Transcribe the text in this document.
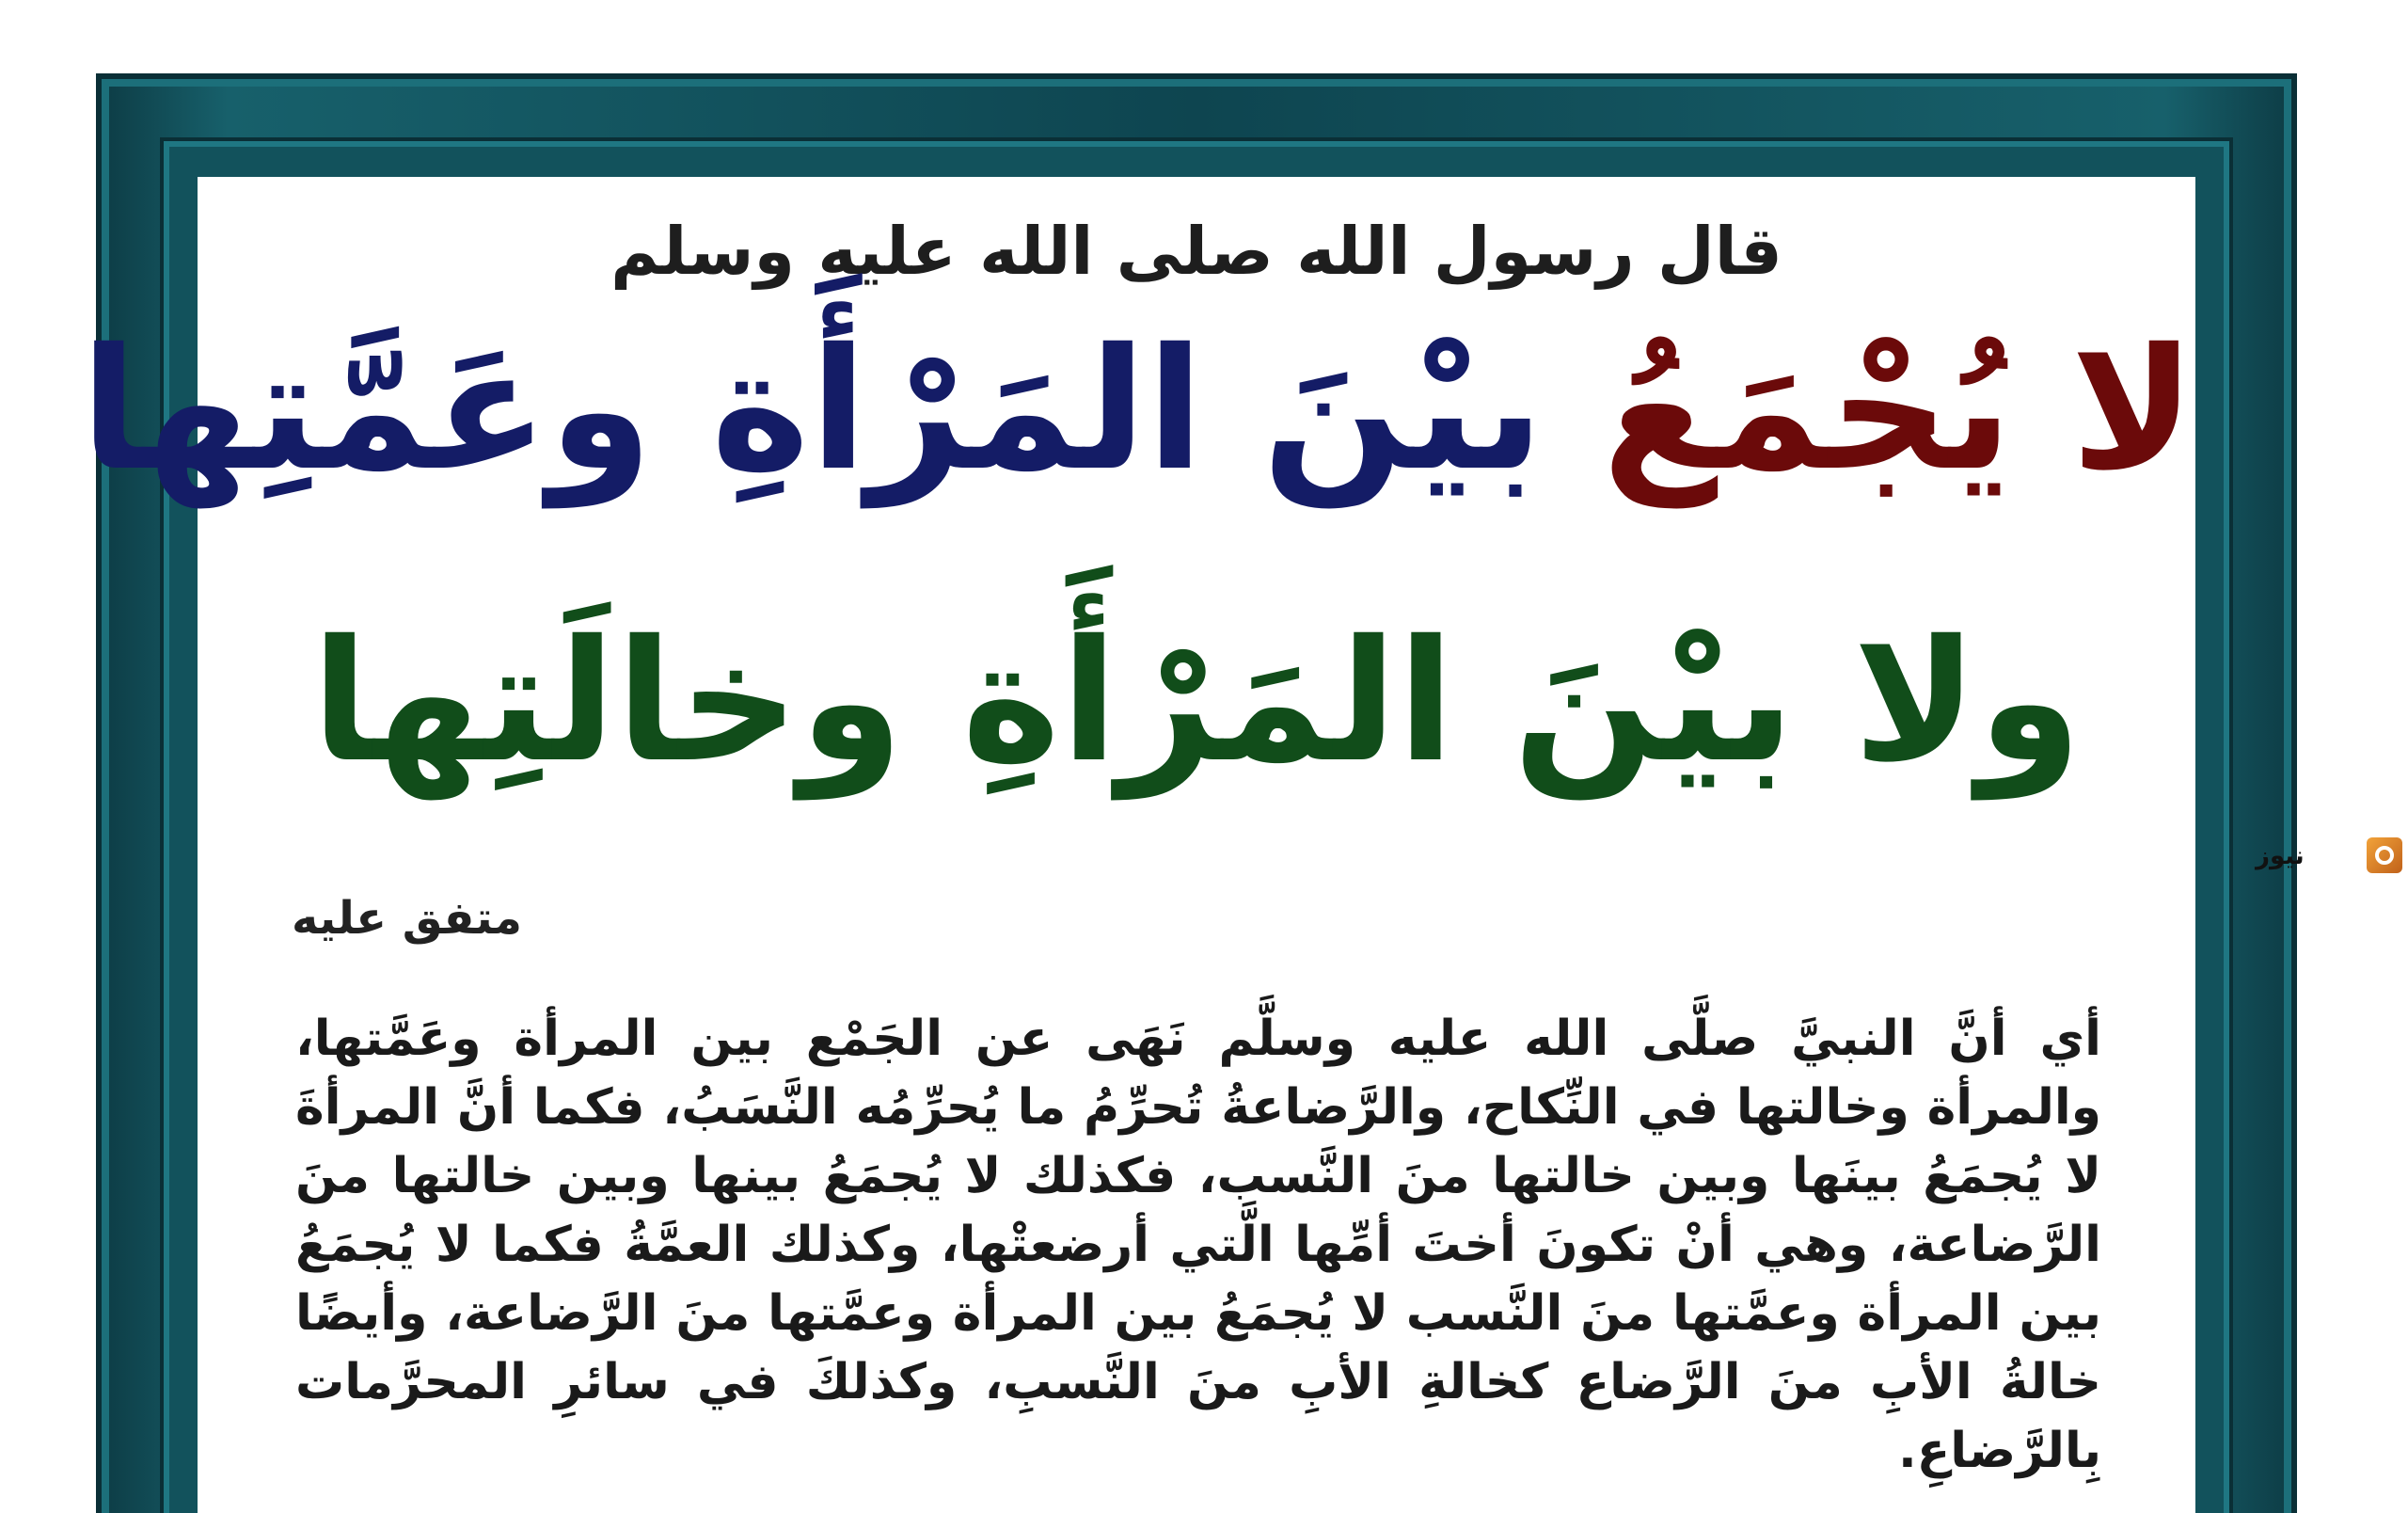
قال رسول الله صلى الله عليه وسلم
لا يُجْمَعُ بيْنَ المَرْأَةِ وعَمَّتِها
ولا بيْنَ المَرْأَةِ وخالَتِها
متفق عليه
أي أنَّ النبيَّ صلَّى الله عليه وسلَّم نَهَى عن الجَمْع بين المرأة وعَمَّتها، والمرأة وخالتها في النِّكاح، والرَّضاعةُ تُحرِّمُ ما يُحرِّمُه النَّسَبُ، فكما أنَّ المرأةَ لا يُجمَعُ بينَها وبين خالتها منَ النَّسب، فكذلك لا يُجمَعُ بينها وبين خالتها منَ الرَّضاعة، وهي أنْ تكونَ أختَ أمِّها الَّتي أرضعتْها، وكذلك العمَّةُ فكما لا يُجمَعُ بين المرأة وعمَّتها منَ النَّسب لا يُجمَعُ بين المرأة وعمَّتها منَ الرَّضاعة، وأيضًا خالةُ الأبِ منَ الرَّضاع كخالةِ الأبِ منَ النَّسبِ، وكذلكَ في سائرِ المحرَّمات بِالرَّضاعِ.
نيوز
